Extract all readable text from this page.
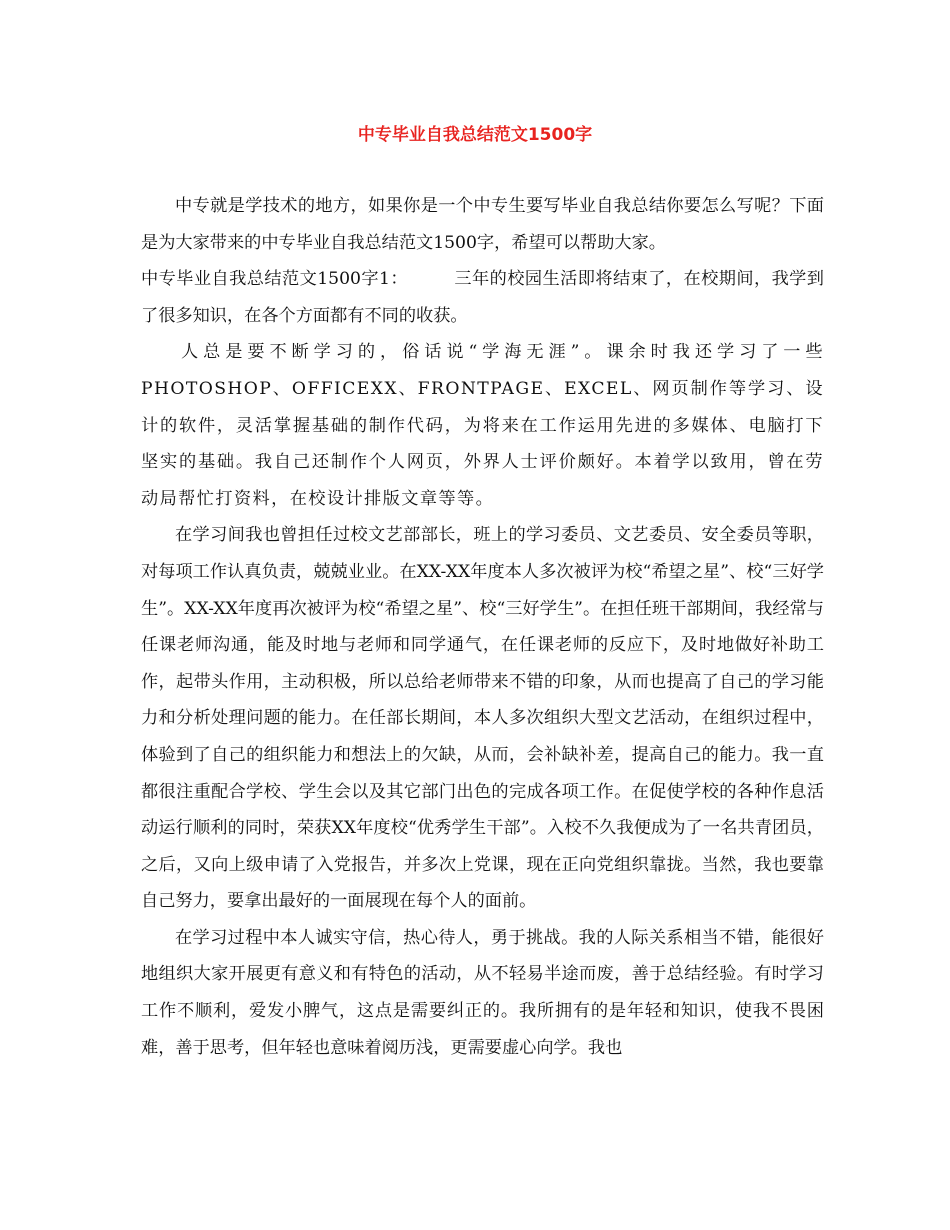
中专毕业自我总结范文1500字

中专就是学技术的地方，如果你是一个中专生要写毕业自我总结你要怎么写呢？下面是为大家带来的中专毕业自我总结范文1500字，希望可以帮助大家。

中专毕业自我总结范文1500字1：	三年的校园生活即将结束了，在校期间，我学到了很多知识，在各个方面都有不同的收获。

人总是要不断学习的，俗话说“学海无涯”。课余时我还学习了一些PHOTOSHOP、OFFICEXX、FRONTPAGE、EXCEL、网页制作等学习、设计的软件，灵活掌握基础的制作代码，为将来在工作运用先进的多媒体、电脑打下坚实的基础。我自己还制作个人网页，外界人士评价颇好。本着学以致用，曾在劳动局帮忙打资料，在校设计排版文章等等。

在学习间我也曾担任过校文艺部部长，班上的学习委员、文艺委员、安全委员等职，对每项工作认真负责，兢兢业业。在XX-XX年度本人多次被评为校“希望之星”、校“三好学生”。XX-XX年度再次被评为校“希望之星”、校“三好学生”。在担任班干部期间，我经常与任课老师沟通，能及时地与老师和同学通气，在任课老师的反应下，及时地做好补助工作，起带头作用，主动积极，所以总给老师带来不错的印象，从而也提高了自己的学习能力和分析处理问题的能力。在任部长期间，本人多次组织大型文艺活动，在组织过程中，体验到了自己的组织能力和想法上的欠缺，从而，会补缺补差，提高自己的能力。我一直都很注重配合学校、学生会以及其它部门出色的完成各项工作。在促使学校的各种作息活动运行顺利的同时，荣获XX年度校“优秀学生干部”。入校不久我便成为了一名共青团员，之后，又向上级申请了入党报告，并多次上党课，现在正向党组织靠拢。当然，我也要靠自己努力，要拿出最好的一面展现在每个人的面前。

在学习过程中本人诚实守信，热心待人，勇于挑战。我的人际关系相当不错，能很好地组织大家开展更有意义和有特色的活动，从不轻易半途而废，善于总结经验。有时学习工作不顺利，爱发小脾气，这点是需要纠正的。我所拥有的是年轻和知识，使我不畏困难，善于思考，但年轻也意味着阅历浅，更需要虚心向学。我也
